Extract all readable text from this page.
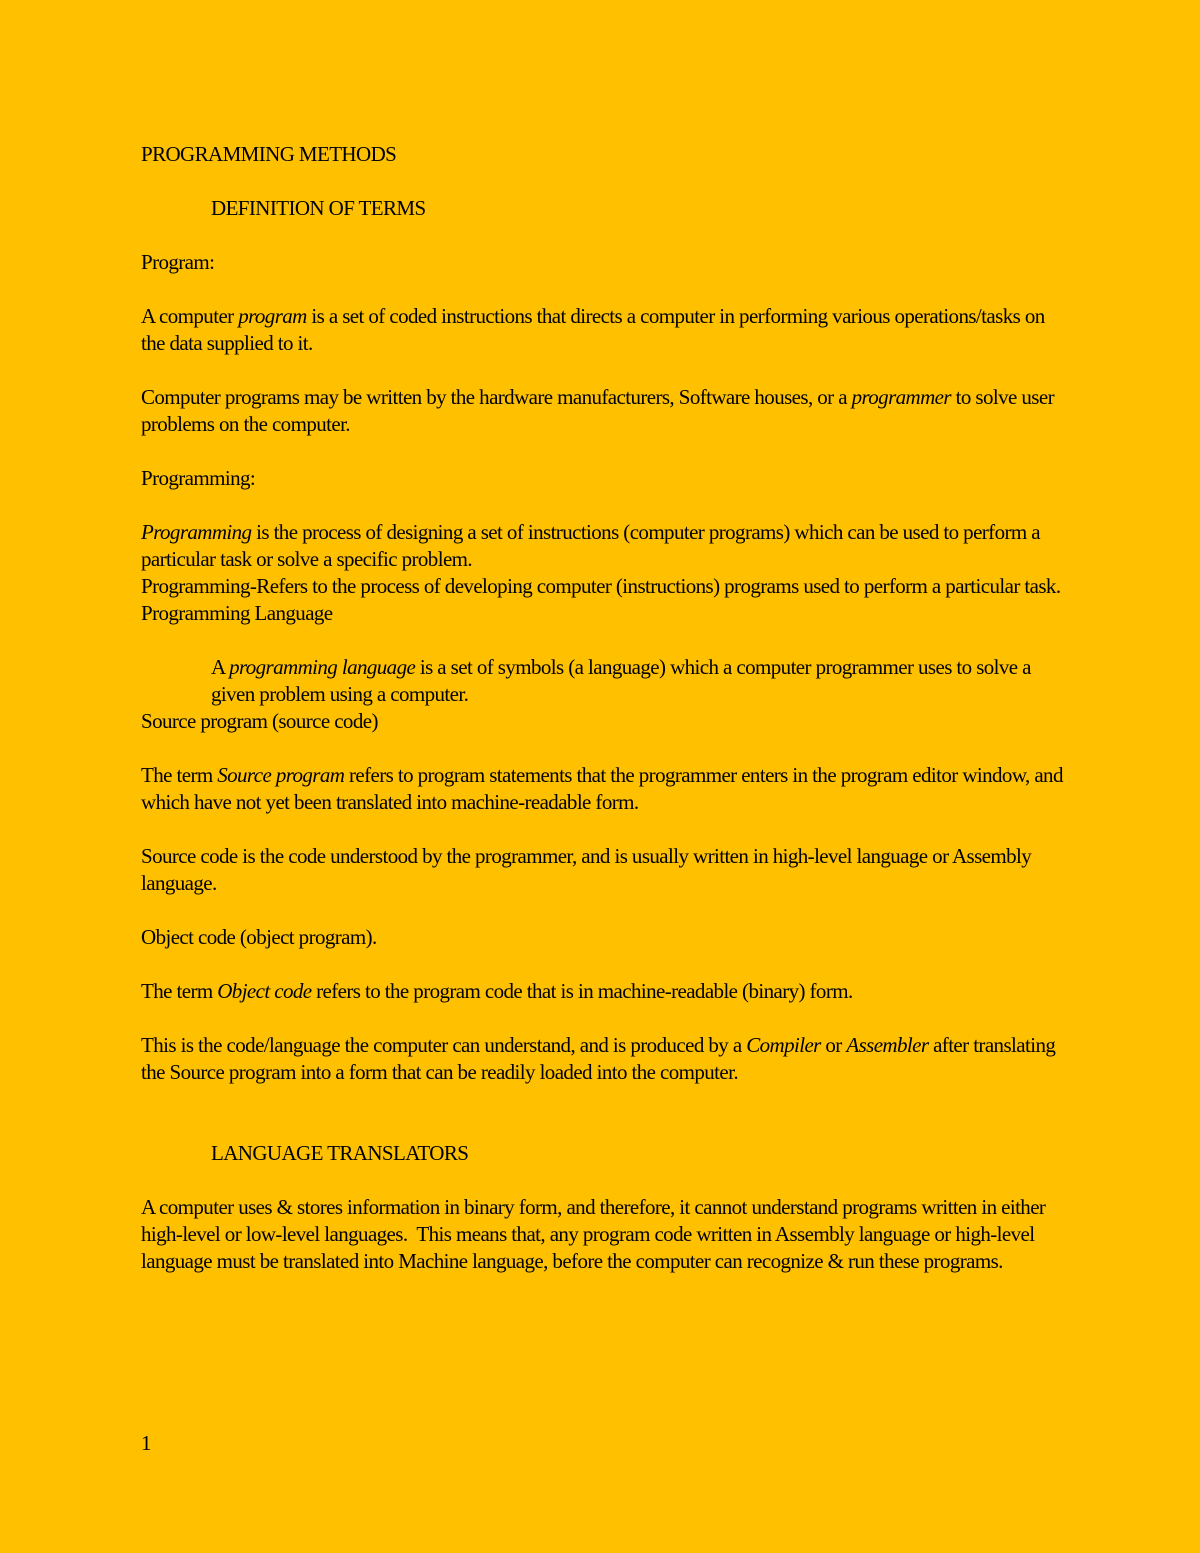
PROGRAMMING METHODS

DEFINITION OF TERMS

Program:

A computer program is a set of coded instructions that directs a computer in performing various operations/tasks on the data supplied to it.

Computer programs may be written by the hardware manufacturers, Software houses, or a programmer to solve user problems on the computer.

Programming:

Programming is the process of designing a set of instructions (computer programs) which can be used to perform a particular task or solve a specific problem.

Programming-Refers to the process of developing computer (instructions) programs used to perform a particular task.

Programming Language

A programming language is a set of symbols (a language) which a computer programmer uses to solve a given problem using a computer.

Source program (source code)

The term Source program refers to program statements that the programmer enters in the program editor window, and which have not yet been translated into machine-readable form.

Source code is the code understood by the programmer, and is usually written in high-level language or Assembly language.

Object code (object program).

The term Object code refers to the program code that is in machine-readable (binary) form.

This is the code/language the computer can understand, and is produced by a Compiler or Assembler after translating the Source program into a form that can be readily loaded into the computer.

LANGUAGE TRANSLATORS

A computer uses & stores information in binary form, and therefore, it cannot understand programs written in either high-level or low-level languages.  This means that, any program code written in Assembly language or high-level language must be translated into Machine language, before the computer can recognize & run these programs.

1
